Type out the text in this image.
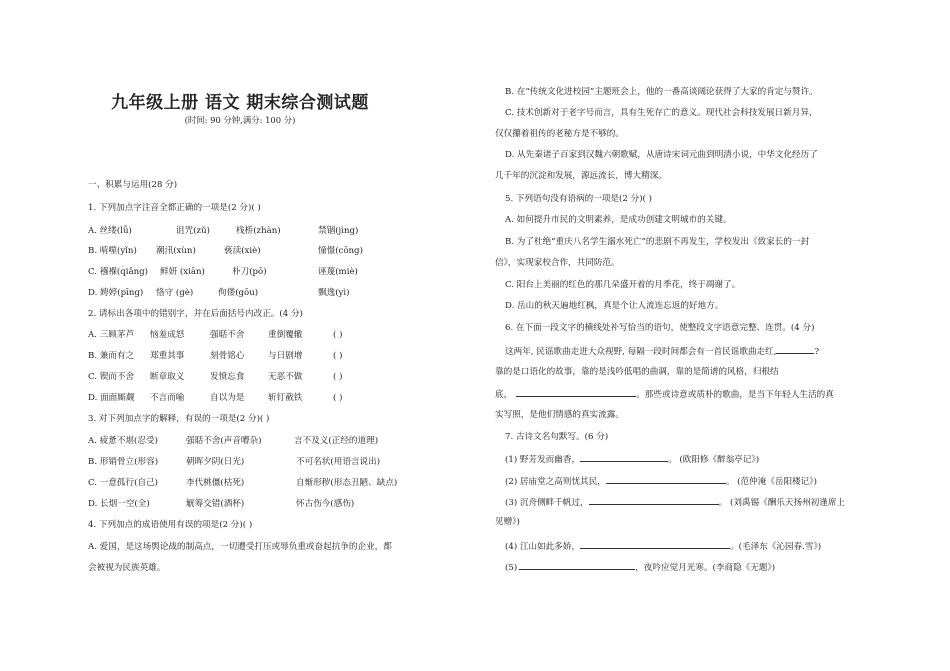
九年级上册 语文 期末综合测试题
(时间: 90 分钟,满分: 100 分)
一、积累与运用(28 分)
1. 下列加点字注音全都正确的一项是(2 分)( )
A. 丝缕(lǚ)	诅咒(zǔ)	栈桥(zhàn)	禁锢(jìng)
B. 啃噬(yǐn) 潮汛(xùn)	亵渎(xiè)	憧憬(cōng)
C. 襁褓(qiǎng) 鲜妍 (xiān)	朴刀(pō)	诬蔑(miè)
D. 娉婷(pīng) 恪守 (gè)	佝偻(gōu)	飘逸(yì)
2. 请标出各项中的错别字，并在后面括号内改正。(4 分)
A. 三顾茅芦 恼羞成怒	强聒不舍	重倒覆辙	( )
B. 兼而有之 郑重其事	刻骨铭心	与日剧增	( )
C. 锲而不舍 断章取义	发愤忘食	无恶不做	( )
D. 面面厮觑 不言而喻	自以为是	斩钉截铁	( )
3. 对下列加点字的解释，有误的一项是(2 分)( )
A. 疲惫不堪(忍受)	强聒不舍(声音嘈杂)	言不及义(正经的道理)
B. 形销骨立(形容)	朝晖夕阴(日光)	不可名状(用语言说出)
C. 一意孤行(自己)	李代桃僵(枯死)	自惭形秽(形态丑陋、缺点)
D. 长烟一空(全)	觥筹交错(酒杯)	怀古伤今(感伤)
4. 下列加点的成语使用有误的项是(2 分)( )
A. 爱国，是这场舆论战的制高点，一切遭受打压或辱负重或奋起抗争的企业，都
会被视为民族英雄。
B. 在“传统文化进校园”主题班会上，他的一番高谈阔论获得了大家的肯定与赞许。
C. 技术创新对于老字号而言，具有生死存亡的意义。现代社会科技发展日新月异，
仅仅攥着祖传的老秘方是不够的。
D. 从先秦诸子百家到汉魏六朝歌赋，从唐诗宋词元曲到明清小说，中华文化经历了
几千年的沉淀和发展，源远流长，博大精深。
5. 下列语句没有语病的一项是(2 分)( )
A. 如何提升市民的文明素养，是成功创建文明城市的关键。
B. 为了杜绝“重庆八名学生溺水死亡”的悲剧不再发生，学校发出《致家长的一封
信》，实现家校合作，共同防范。
C. 阳台上美丽的红色的那几朵盛开着的月季花，终于凋谢了。
D. 岳山的秋天遍地红枫，真是个让人流连忘返的好地方。
6. 在下面一段文字的横线处补写恰当的语句，使整段文字语意完整、连贯。(4 分)
这两年, 民谣歌曲走进大众视野, 每隔一段时间都会有一首民谣歌曲走红,	?
靠的是口语化的故事，靠的是浅吟低唱的曲调，靠的是简谱的风格，归根结
底，	。那些或诗意或质朴的歌曲，是当下年轻人生活的真
实写照，是他们情感的真实流露。
7. 古诗文名句默写。(6 分)
(1) 野芳发而幽香，	。 (欧阳修《醉翁亭记》)
(2) 居庙堂之高则忧其民，	。 (范仲淹《岳阳楼记》)
(3) 沉舟侧畔千帆过，	。 (刘禹锡《酬乐天扬州初逢席上
见赠》)
(4) 江山如此多娇，	。(毛泽东《沁园春.雪》)
(5)	，夜吟应觉月光寒。(李商隐《无题》)
